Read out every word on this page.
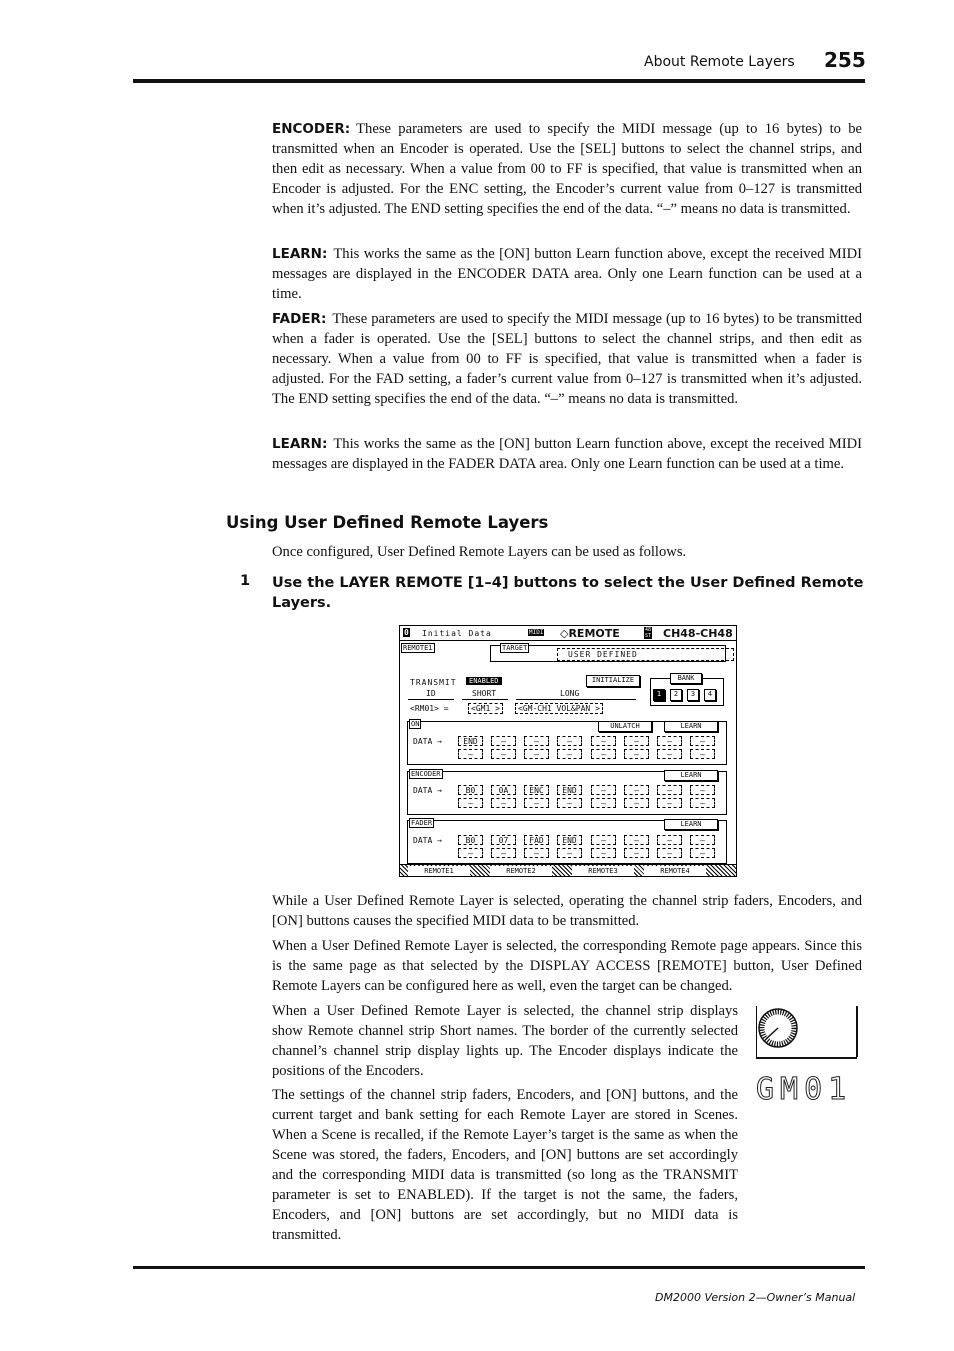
About Remote Layers 255
ENCODER: These parameters are used to specify the MIDI message (up to 16 bytes) to be transmitted when an Encoder is operated. Use the [SEL] buttons to select the channel strips, and then edit as necessary. When a value from 00 to FF is specified, that value is transmitted when an Encoder is adjusted. For the ENC setting, the Encoder’s current value from 0–127 is transmitted when it’s adjusted. The END setting specifies the end of the data. “–” means no data is transmitted.
LEARN: This works the same as the [ON] button Learn function above, except the received MIDI messages are displayed in the ENCODER DATA area. Only one Learn function can be used at a time.
FADER: These parameters are used to specify the MIDI message (up to 16 bytes) to be transmitted when a fader is operated. Use the [SEL] buttons to select the channel strips, and then edit as necessary. When a value from 00 to FF is specified, that value is transmitted when a fader is adjusted. For the FAD setting, a fader’s current value from 0–127 is transmitted when it’s adjusted. The END setting specifies the end of the data. “–” means no data is transmitted.
LEARN: This works the same as the [ON] button Learn function above, except the received MIDI messages are displayed in the FADER DATA area. Only one Learn function can be used at a time.
Using User Defined Remote Layers
Once configured, User Defined Remote Layers can be used as follows.
1 Use the LAYER REMOTE [1–4] buttons to select the User Defined Remote Layers.
0 Initial Data	MIDI ◇REMOTE	48
ST CH48-CH48
REMOTE1	TARGET
USER DEFINED
TRANSMIT	ENABLED	INITIALIZE	BANK
1	2	3	4
ID	SHORT	LONG
<RM01> =	<GM1 >	<GM-CH1 VOL&PAN >
ON	UNLATCH	LEARN
DATA →	END	–	–	–	–	–	–	–
–	–	–	–	–	–	–	–
ENCODER	LEARN
DATA →	B0	0A	ENC	END	–	–	–	–
–	–	–	–	–	–	–	–
FADER	LEARN
DATA →	B0	07	FAD	END	–	–	–	–
–	–	–	–	–	–	–	–
REMOTE1	REMOTE2	REMOTE3	REMOTE4
While a User Defined Remote Layer is selected, operating the channel strip faders, Encoders, and [ON] buttons causes the specified MIDI data to be transmitted.
When a User Defined Remote Layer is selected, the corresponding Remote page appears. Since this is the same page as that selected by the DISPLAY ACCESS [REMOTE] button, User Defined Remote Layers can be configured here as well, even the target can be changed.
When a User Defined Remote Layer is selected, the channel strip displays show Remote channel strip Short names. The border of the currently selected channel’s channel strip display lights up. The Encoder displays indicate the positions of the Encoders.
The settings of the channel strip faders, Encoders, and [ON] buttons, and the current target and bank setting for each Remote Layer are stored in Scenes. When a Scene is recalled, if the Remote Layer’s target is the same as when the Scene was stored, the faders, Encoders, and [ON] buttons are set accordingly and the corresponding MIDI data is transmitted (so long as the TRANSMIT parameter is set to ENABLED). If the target is not the same, the faders, Encoders, and [ON] buttons are set accordingly, but no MIDI data is transmitted.
GM01
DM2000 Version 2—Owner’s Manual
